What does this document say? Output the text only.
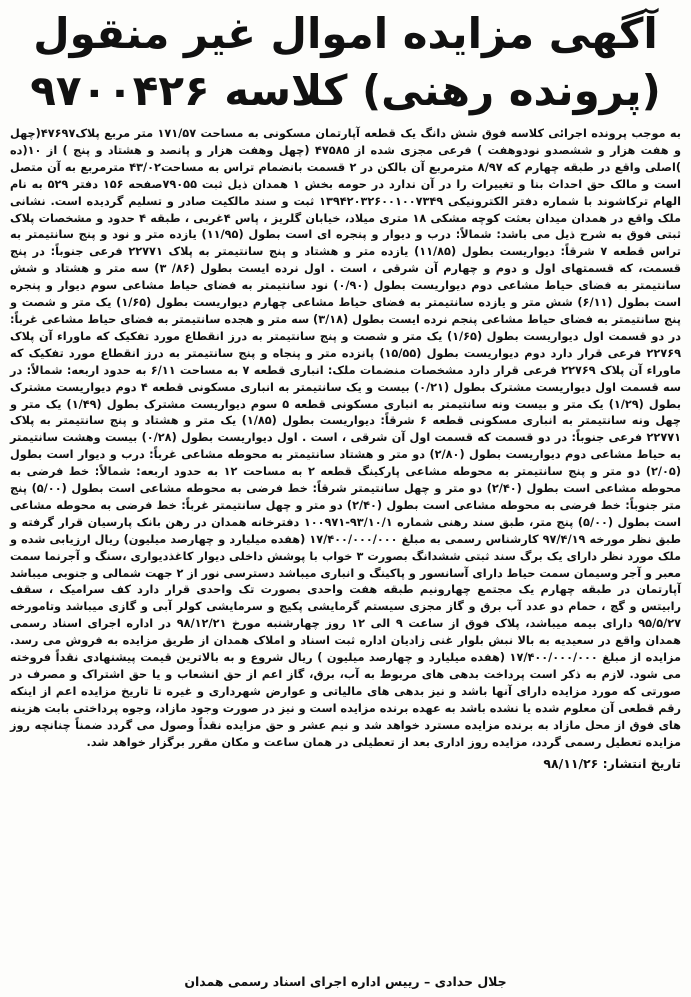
آگهی مزایده اموال غیر منقول
(پرونده رهنی) کلاسه ۹۷۰۰۴۲۶

به موجب پرونده اجرائی کلاسه فوق شش دانگ یک قطعه آپارتمان مسکونی به مساحت ۱۷۱/۵۷ متر مربع پلاک۴۷۶۹۷(چهل و هفت هزار و ششصدو نودوهفت ) فرعی مجزی شده از ۴۷۵۸۵ (چهل وهفت هزار و پانصد و هشتاد و پنج ) از ۱۰(ده )اصلی واقع در طبقه چهارم که ۸/۹۷ مترمربع آن بالکن در ۲ قسمت بانضمام تراس به مساحت۴۳/۰۲ مترمربع به آن متصل است و مالک حق احداث بنا و تغییرات را در آن ندارد در حومه بخش ۱ همدان ذیل ثبت ۷۹۰۵۵صفحه ۱۵۶ دفتر ۵۲۹ به نام الهام ترکاشوند با شماره دفتر الکترونیکی ۱۳۹۴۲۰۳۲۶۰۰۱۰۰۷۳۴۹ ثبت و سند مالکیت صادر و تسلیم گردیده است. نشانی ملک واقع در همدان میدان بعثت کوچه مشکی ۱۸ متری میلاد، خیابان گلریز ، پاس ۴غربی ، طبقه ۴ حدود و مشخصات پلاک ثبتی فوق به شرح ذیل می باشد: شمالاً: درب و دیوار و پنجره ای است بطول (۱۱/۹۵) یازده متر و نود و پنج سانتیمتر به تراس قطعه ۷ شرقاً: دیواریست بطول (۱۱/۸۵) یازده متر و هشتاد و پنج سانتیمتر به پلاک ۲۲۷۷۱ فرعی جنوباً: در پنج قسمت، که قسمتهای اول و دوم و چهارم آن شرقی ، است . اول نرده ایست بطول (۸۶/ ۳) سه متر و هشتاد و شش سانتیمتر به فضای حیاط مشاعی دوم دیواریست بطول (۰/۹۰) نود سانتیمتر به فضای حیاط مشاعی سوم دیوار و پنجره است بطول (۶/۱۱) شش متر و یازده سانتیمتر به فضای حیاط مشاعی چهارم دیواریست بطول (۱/۶۵) یک متر و شصت و پنج سانتیمتر به فضای حیاط مشاعی پنجم نرده ایست بطول (۳/۱۸) سه متر و هجده سانتیمتر به فضای حیاط مشاعی غرباً: در دو قسمت اول دیواریست بطول (۱/۶۵) یک متر و شصت و پنج سانتیمتر به درز انقطاع مورد تفکیک که ماوراء آن پلاک ۲۲۷۶۹ فرعی قرار دارد دوم دیواریست بطول (۱۵/۵۵) پانزده متر و پنجاه و پنج سانتیمتر به درز انقطاع مورد تفکیک که ماوراء آن پلاک ۲۲۷۶۹ فرعی قرار دارد مشخصات منضمات ملک: انباری قطعه ۷ به مساحت ۶/۱۱ به حدود اربعه: شمالاً: در سه قسمت اول دیواریست مشترک بطول (۰/۲۱) بیست و یک سانتیمتر به انباری مسکونی قطعه ۴ دوم دیواریست مشترک بطول (۱/۲۹) یک متر و بیست ونه سانتیمتر به انباری مسکونی قطعه ۵ سوم دیواریست مشترک بطول (۱/۴۹) یک متر و چهل ونه سانتیمتر به انباری مسکونی قطعه ۶ شرقاً: دیواریست بطول (۱/۸۵) یک متر و هشتاد و پنج سانتیمتر به پلاک ۲۲۷۷۱ فرعی جنوباً: در دو قسمت که قسمت اول آن شرقی ، است . اول دیواریست بطول (۰/۲۸) بیست وهشت سانتیمتر به حیاط مشاعی دوم دیواریست بطول (۲/۸۰) دو متر و هشتاد سانتیمتر به محوطه مشاعی غرباً: درب و دیوار است بطول (۲/۰۵) دو متر و پنج سانتیمتر به محوطه مشاعی پارکینگ قطعه ۲ به مساحت ۱۲ به حدود اربعه: شمالاً: خط فرضی به محوطه مشاعی است بطول (۲/۴۰) دو متر و چهل سانتیمتر شرقاً: خط فرضی به محوطه مشاعی است بطول (۵/۰۰) پنج متر جنوباً: خط فرضی به محوطه مشاعی است بطول (۲/۴۰) دو متر و چهل سانتیمتر غرباً: خط فرضی به محوطه مشاعی است بطول (۵/۰۰) پنج متر، طبق سند رهنی شماره ۹۳/۱۰/۱-۱۰۰۹۷۱ دفترخانه همدان در رهن بانک پارسیان قرار گرفته و طبق نظر مورخه ۹۷/۴/۱۹ کارشناس رسمی به مبلغ ۱۷/۴۰۰/۰۰۰/۰۰۰ (هفده میلیارد و چهارصد میلیون) ریال ارزیابی شده و ملک مورد نظر دارای یک برگ سند ثبتی ششدانگ بصورت ۳ خواب با پوشش داخلی دیوار کاغذدیواری ،سنگ و آجرنما سمت معبر و آجر وسیمان سمت حیاط دارای آسانسور و پاکینگ و انباری میباشد دسترسی نور از ۲ جهت شمالی و جنوبی میباشد آپارتمان در طبقه چهارم یک مجتمع چهارونیم طبقه هفت واحدی بصورت تک واحدی قرار دارد کف سرامیک ، سقف رابیتس و گچ ، حمام دو عدد آب برق و گاز مجزی سیستم گرمایشی پکیج و سرمایشی کولر آبی و گازی میباشد وتامورخه ۹۵/۵/۲۷ دارای بیمه میباشد، پلاک فوق از ساعت ۹ الی ۱۲ روز چهارشنبه مورخ ۹۸/۱۲/۲۱ در اداره اجرای اسناد رسمی همدان واقع در سعیدیه به بالا نبش بلوار غنی زادیان اداره ثبت اسناد و املاک همدان از طریق مزایده به فروش می رسد. مزایده از مبلغ ۱۷/۴۰۰/۰۰۰/۰۰۰ (هفده میلیارد و چهارصد میلیون ) ریال شروع و به بالاترین قیمت پیشنهادی نقداً فروخته می شود. لازم به ذکر است پرداخت بدهی های مربوط به آب، برق، گاز اعم از حق انشعاب و یا حق اشتراک و مصرف در صورتی که مورد مزایده دارای آنها باشد و نیز بدهی های مالیاتی و عوارض شهرداری و غیره تا تاریخ مزایده اعم از اینکه رقم قطعی آن معلوم شده یا نشده باشد به عهده برنده مزایده است و نیز در صورت وجود مازاد، وجوه پرداختی بابت هزینه های فوق از محل مازاد به برنده مزایده مسترد خواهد شد و نیم عشر و حق مزایده نقداً وصول می گردد ضمناً چنانچه روز مزایده تعطیل رسمی گردد، مزایده روز اداری بعد از تعطیلی در همان ساعت و مکان مقرر برگزار خواهد شد.

تاریخ انتشار: ۹۸/۱۱/۲۶

جلال حدادی – رییس اداره اجرای اسناد رسمی همدان
